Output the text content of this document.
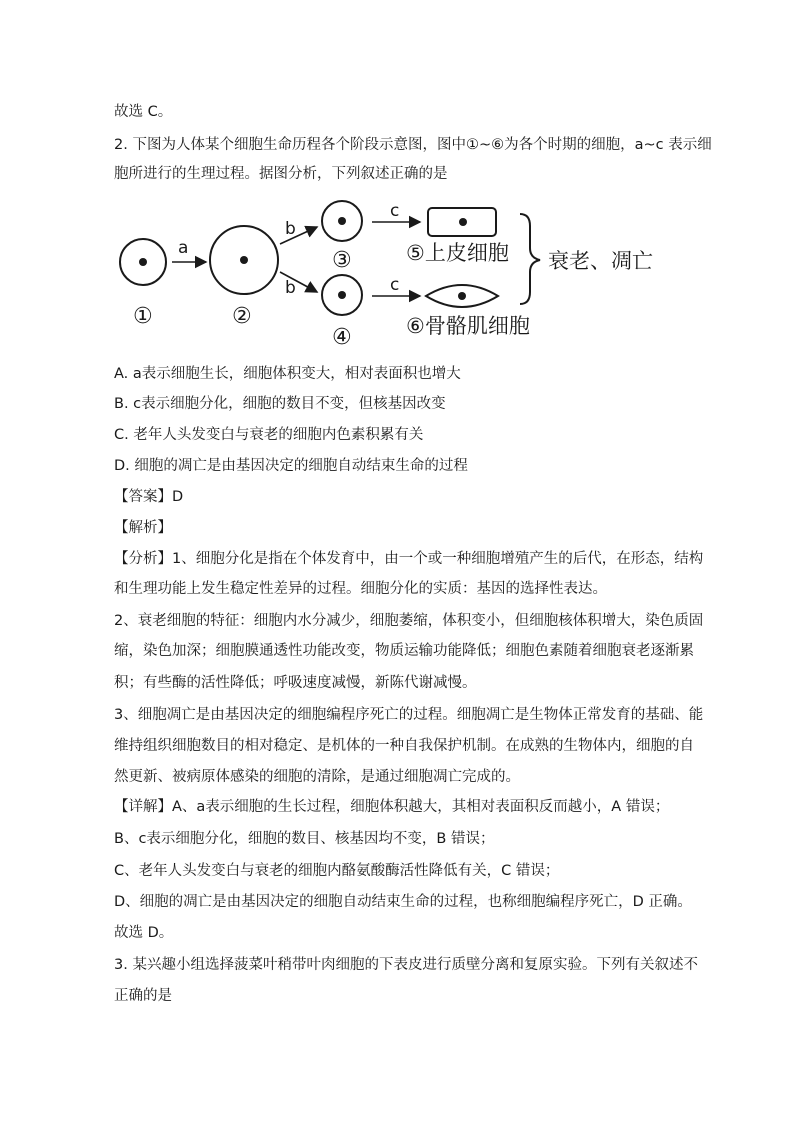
故选 C。
2. 下图为人体某个细胞生命历程各个阶段示意图，图中①~⑥为各个时期的细胞，a~c 表示细
胞所进行的生理过程。据图分析，下列叙述正确的是
①
a
②
b
b
③
④
c
c
⑤上皮细胞
⑥骨骼肌细胞
衰老、凋亡
A. a表示细胞生长，细胞体积变大，相对表面积也增大
B. c表示细胞分化，细胞的数目不变，但核基因改变
C. 老年人头发变白与衰老的细胞内色素积累有关
D. 细胞的凋亡是由基因决定的细胞自动结束生命的过程
【答案】D
【解析】
【分析】1、细胞分化是指在个体发育中，由一个或一种细胞增殖产生的后代，在形态，结构
和生理功能上发生稳定性差异的过程。细胞分化的实质：基因的选择性表达。
2、衰老细胞的特征：细胞内水分减少，细胞萎缩，体积变小，但细胞核体积增大，染色质固
缩，染色加深；细胞膜通透性功能改变，物质运输功能降低；细胞色素随着细胞衰老逐渐累
积；有些酶的活性降低；呼吸速度减慢，新陈代谢减慢。
3、细胞凋亡是由基因决定的细胞编程序死亡的过程。细胞凋亡是生物体正常发育的基础、能
维持组织细胞数目的相对稳定、是机体的一种自我保护机制。在成熟的生物体内，细胞的自
然更新、被病原体感染的细胞的清除，是通过细胞凋亡完成的。
【详解】A、a表示细胞的生长过程，细胞体积越大，其相对表面积反而越小，A 错误；
B、c表示细胞分化，细胞的数目、核基因均不变，B 错误；
C、老年人头发变白与衰老的细胞内酪氨酸酶活性降低有关，C 错误；
D、细胞的凋亡是由基因决定的细胞自动结束生命的过程，也称细胞编程序死亡，D 正确。
故选 D。
3. 某兴趣小组选择菠菜叶稍带叶肉细胞的下表皮进行质壁分离和复原实验。下列有关叙述不
正确的是
